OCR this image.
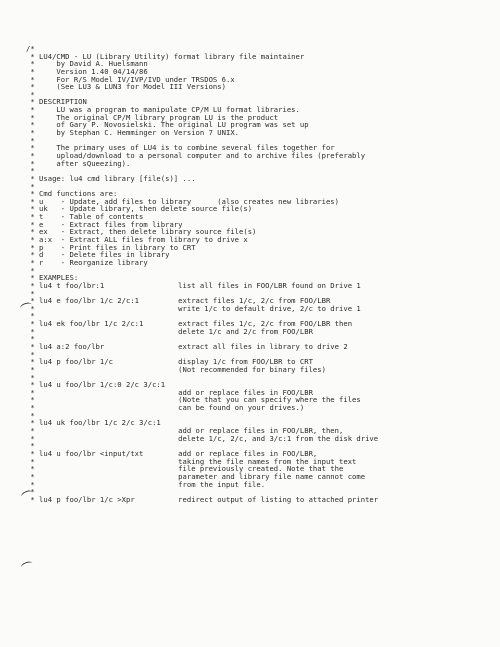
/*
* LU4/CMD - LU (Library Utility) format library file maintainer
*     by David A. Huelsmann
*     Version 1.40 04/14/86
*     For R/S Model IV/IVP/IVD under TRSDOS 6.x
*     (See LU3 & LUN3 for Model III Versions)
*
* DESCRIPTION
*     LU was a program to manipulate CP/M LU format libraries.
*     The original CP/M library program LU is the product
*     of Gary P. Novosielski. The original LU program was set up
*     by Stephan C. Hemminger on Version 7 UNIX.
*
*     The primary uses of LU4 is to combine several files together for
*     upload/download to a personal computer and to archive files (preferably
*     after sQueezing).
*
* Usage: lu4 cmd library [file(s)] ...
*
* Cmd functions are:
* u    - Update, add files to library      (also creates new libraries)
* uk   - Update library, then delete source file(s)
* t    - Table of contents
* e    - Extract files from library
* ex   - Extract, then delete library source file(s)
* a:x  - Extract ALL files from library to drive x
* p    - Print files in library to CRT
* d    - Delete files in library
* r    - Reorganize library
*
* EXAMPLES:
* lu4 t foo/lbr:1                 list all files in FOO/LBR found on Drive 1
*
* lu4 e foo/lbr 1/c 2/c:1         extract files 1/c, 2/c from FOO/LBR
*                                 write 1/c to default drive, 2/c to drive 1
*
* lu4 ek foo/lbr 1/c 2/c:1        extract files 1/c, 2/c from FOO/LBR then
*                                 delete 1/c and 2/c from FOO/LBR
*
* lu4 a:2 foo/lbr                 extract all files in library to drive 2
*
* lu4 p foo/lbr 1/c               display 1/c from FOO/LBR to CRT
*                                 (Not recommended for binary files)
*
* lu4 u foo/lbr 1/c:0 2/c 3/c:1
*                                 add or replace files in FOO/LBR
*                                 (Note that you can specify where the files
*                                 can be found on your drives.)
*
* lu4 uk foo/lbr 1/c 2/c 3/c:1
*                                 add or replace files in FOO/LBR, then,
*                                 delete 1/c, 2/c, and 3/c:1 from the disk drive
*
* lu4 u foo/lbr <input/txt        add or replace files in FOO/LBR,
*                                 taking the file names from the input text
*                                 file previously created. Note that the
*                                 parameter and library file name cannot come
*                                 from the input file.
*
* lu4 p foo/lbr 1/c >Xpr          redirect output of listing to attached printer
